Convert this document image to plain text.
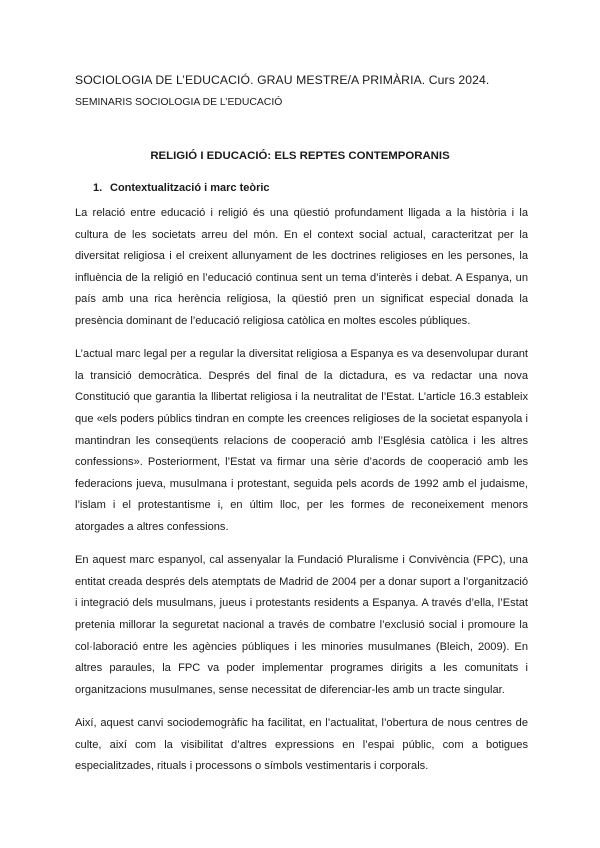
SOCIOLOGIA DE L’EDUCACIÓ. GRAU MESTRE/A PRIMÀRIA. Curs 2024.
SEMINARIS SOCIOLOGIA DE L’EDUCACIÓ
RELIGIÓ I EDUCACIÓ: ELS REPTES CONTEMPORANIS
1. Contextualització i marc teòric

La relació entre educació i religió és una qüestió profundament lligada a la història i la cultura de les societats arreu del món. En el context social actual, caracteritzat per la diversitat religiosa i el creixent allunyament de les doctrines religioses en les persones, la influència de la religió en l’educació continua sent un tema d’interès i debat. A Espanya, un país amb una rica herència religiosa, la qüestió pren un significat especial donada la presència dominant de l’educació religiosa catòlica en moltes escoles públiques.

L’actual marc legal per a regular la diversitat religiosa a Espanya es va desenvolupar durant la transició democràtica. Després del final de la dictadura, es va redactar una nova Constitució que garantia la llibertat religiosa i la neutralitat de l’Estat. L’article 16.3 estableix que «els poders públics tindran en compte les creences religioses de la societat espanyola i mantindran les conseqüents relacions de cooperació amb l’Església catòlica i les altres confessions». Posteriorment, l’Estat va firmar una sèrie d’acords de cooperació amb les federacions jueva, musulmana i protestant, seguida pels acords de 1992 amb el judaisme, l’islam i el protestantisme i, en últim lloc, per les formes de reconeixement menors atorgades a altres confessions.

En aquest marc espanyol, cal assenyalar la Fundació Pluralisme i Convivència (FPC), una entitat creada després dels atemptats de Madrid de 2004 per a donar suport a l’organització i integració dels musulmans, jueus i protestants residents a Espanya. A través d’ella, l’Estat pretenia millorar la seguretat nacional a través de combatre l’exclusió social i promoure la col·laboració entre les agències públiques i les minories musulmanes (Bleich, 2009). En altres paraules, la FPC va poder implementar programes dirigits a les comunitats i organitzacions musulmanes, sense necessitat de diferenciar-les amb un tracte singular.

Així, aquest canvi sociodemogràfic ha facilitat, en l’actualitat, l’obertura de nous centres de culte, així com la visibilitat d’altres expressions en l’espai públic, com a botigues especialitzades, rituals i processons o símbols vestimentaris i corporals.
